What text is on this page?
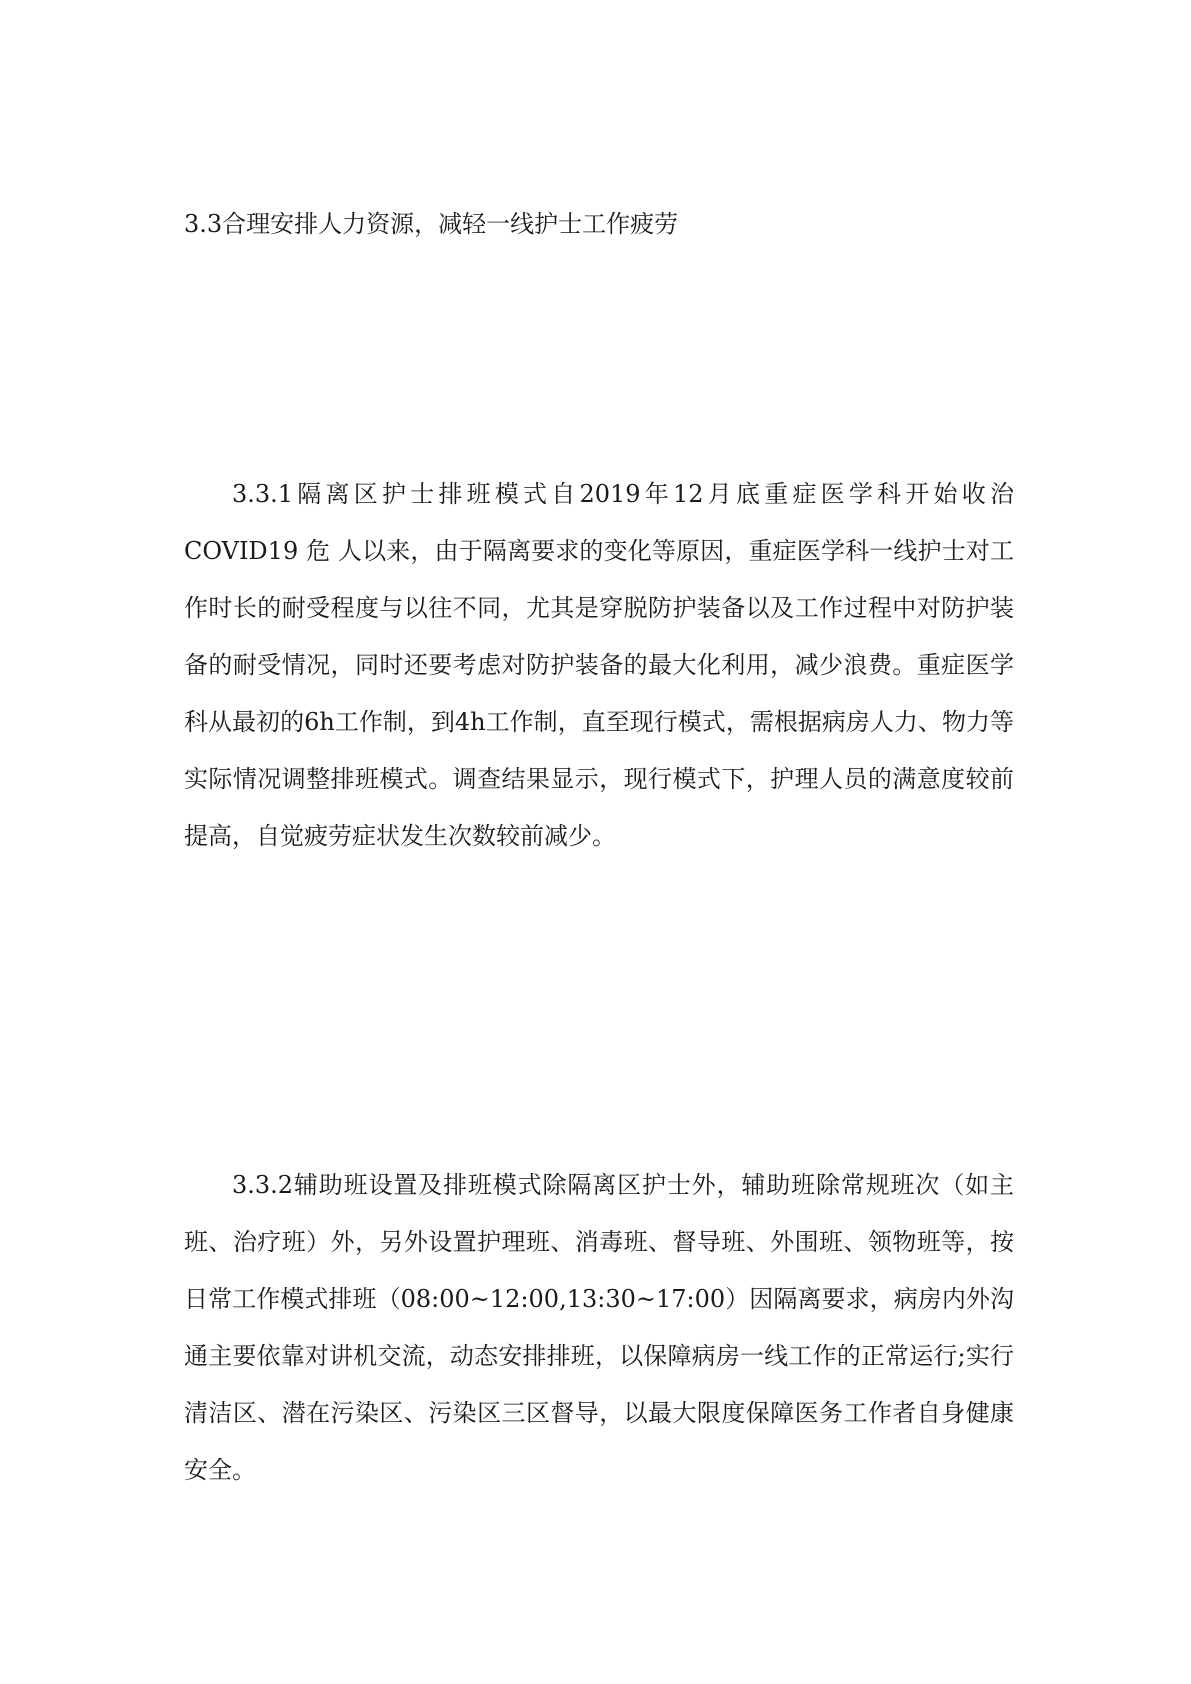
3.3合理安排人力资源，减轻一线护士工作疲劳

3.3.1隔离区护士排班模式自2019年12月底重症医学科开始收治COVID19 危 人以来，由于隔离要求的变化等原因，重症医学科一线护士对工作时长的耐受程度与以往不同，尤其是穿脱防护装备以及工作过程中对防护装备的耐受情况，同时还要考虑对防护装备的最大化利用，减少浪费。重症医学科从最初的6h工作制，到4h工作制，直至现行模式，需根据病房人力、物力等实际情况调整排班模式。调查结果显示，现行模式下，护理人员的满意度较前提高，自觉疲劳症状发生次数较前减少。

3.3.2辅助班设置及排班模式除隔离区护士外，辅助班除常规班次（如主班、治疗班）外，另外设置护理班、消毒班、督导班、外围班、领物班等，按日常工作模式排班（08:00~12:00,13:30~17:00）因隔离要求，病房内外沟通主要依靠对讲机交流，动态安排排班，以保障病房一线工作的正常运行;实行清洁区、潜在污染区、污染区三区督导，以最大限度保障医务工作者自身健康安全。
